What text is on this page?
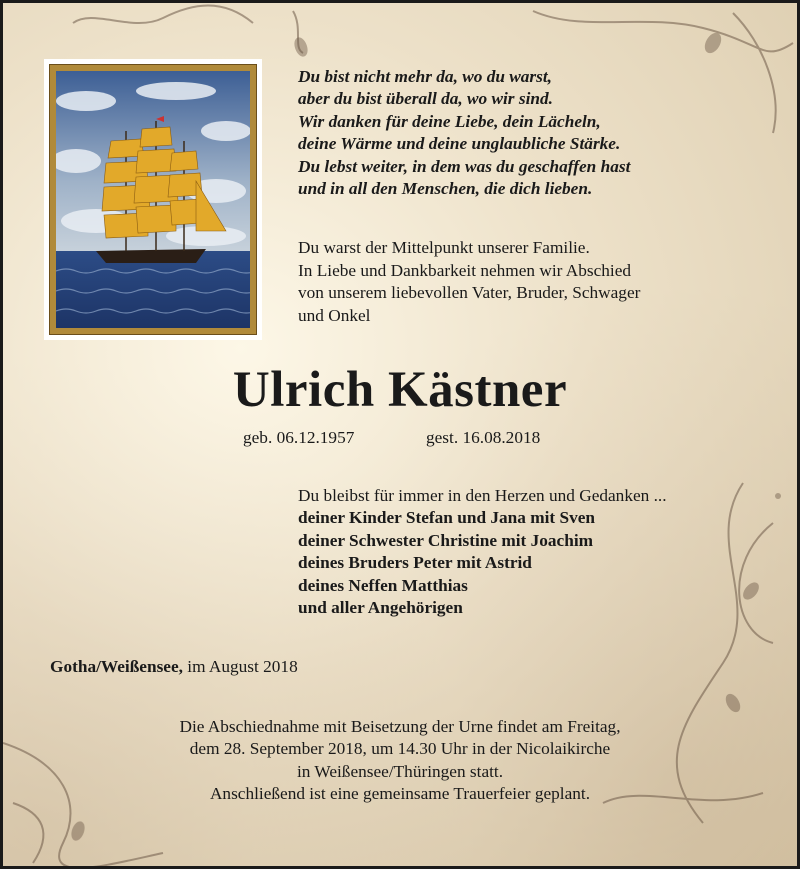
Du bist nicht mehr da, wo du warst,
aber du bist überall da, wo wir sind.
Wir danken für deine Liebe, dein Lächeln,
deine Wärme und deine unglaubliche Stärke.
Du lebst weiter, in dem was du geschaffen hast
und in all den Menschen, die dich lieben.
Du warst der Mittelpunkt unserer Familie.
In Liebe und Dankbarkeit nehmen wir Abschied
von unserem liebevollen Vater, Bruder, Schwager
und Onkel
Ulrich Kästner
geb. 06.12.1957	gest. 16.08.2018
Du bleibst für immer in den Herzen und Gedanken ...
deiner Kinder Stefan und Jana mit Sven
deiner Schwester Christine mit Joachim
deines Bruders Peter mit Astrid
deines Neffen Matthias
und aller Angehörigen
Gotha/Weißensee, im August 2018
Die Abschiednahme mit Beisetzung der Urne findet am Freitag,
dem 28. September 2018, um 14.30 Uhr in der Nicolaikirche
in Weißensee/Thüringen statt.
Anschließend ist eine gemeinsame Trauerfeier geplant.
